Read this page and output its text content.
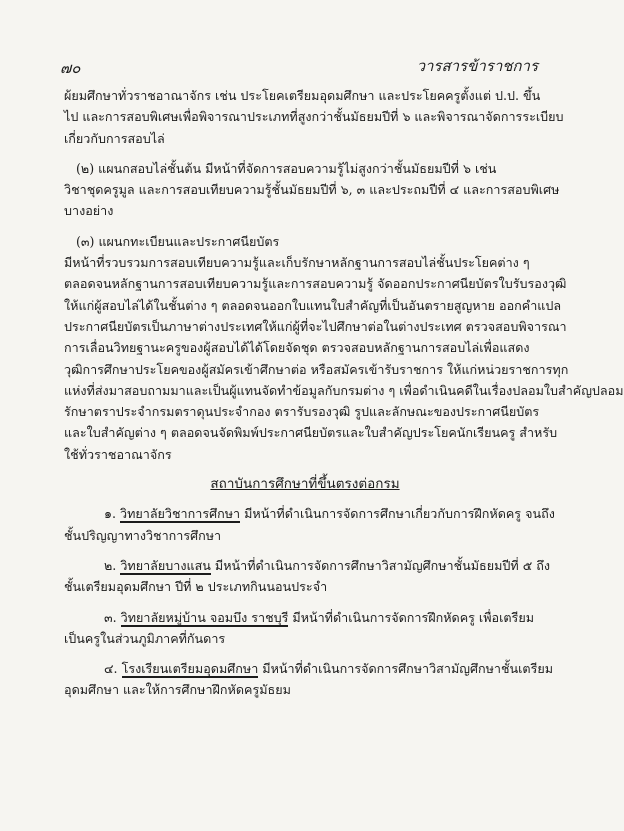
๗๐	วารสารข้าราชการ
ผ้ยมศึกษาทั่วราชอาณาจักร เช่น ประโยคเตรียมอุดมศึกษา และประโยคครูตั้งแต่ ป.ป. ขึ้น
ไป และการสอบพิเศษเพื่อพิจารณาประเภทที่สูงกว่าชั้นมัธยมปีที่ ๖ และพิจารณาจัดการระเบียบ
เกี่ยวกับการสอบไล่
(๒) แผนกสอบไล่ชั้นต้น มีหน้าที่จัดการสอบความรู้ไม่สูงกว่าชั้นมัธยมปีที่ ๖ เช่น
วิชาชุดครูมูล และการสอบเทียบความรู้ชั้นมัธยมปีที่ ๖, ๓ และประถมปีที่ ๔ และการสอบพิเศษ
บางอย่าง
(๓) แผนกทะเบียนและประกาศนียบัตร
มีหน้าที่รวบรวมการสอบเทียบความรู้และเก็บรักษาหลักฐานการสอบไล่ชั้นประโยคต่าง ๆ
ตลอดจนหลักฐานการสอบเทียบความรู้และการสอบความรู้ จัดออกประกาศนียบัตรใบรับรองวุฒิ
ให้แก่ผู้สอบไล่ได้ในชั้นต่าง ๆ ตลอดจนออกใบแทนใบสำคัญที่เป็นอันตรายสูญหาย ออกคำแปล
ประกาศนียบัตรเป็นภาษาต่างประเทศให้แก่ผู้ที่จะไปศึกษาต่อในต่างประเทศ ตรวจสอบพิจารณา
การเลื่อนวิทยฐานะครูของผู้สอบได้ได้โดยจัดชุด ตรวจสอบหลักฐานการสอบไล่เพื่อแสดง
วุฒิการศึกษาประโยคของผู้สมัครเข้าศึกษาต่อ หรือสมัครเข้ารับราชการ ให้แก่หน่วยราชการทุก
แห่งที่ส่งมาสอบถามมาและเป็นผู้แทนจัดทำข้อมูลกับกรมต่าง ๆ เพื่อดำเนินคดีในเรื่องปลอมใบสำคัญปลอม
รักษาตราประจำกรมตราดุนประจำกอง ตรารับรองวุฒิ รูปและลักษณะของประกาศนียบัตร
และใบสำคัญต่าง ๆ ตลอดจนจัดพิมพ์ประกาศนียบัตรและใบสำคัญประโยคนักเรียนครู สำหรับ
ใช้ทั่วราชอาณาจักร
สถาบันการศึกษาที่ขึ้นตรงต่อกรม
๑. วิทยาลัยวิชาการศึกษา มีหน้าที่ดำเนินการจัดการศึกษาเกี่ยวกับการฝึกหัดครู จนถึง
ชั้นปริญญาทางวิชาการศึกษา
๒. วิทยาลัยบางแสน มีหน้าที่ดำเนินการจัดการศึกษาวิสามัญศึกษาชั้นมัธยมปีที่ ๕ ถึง
ชั้นเตรียมอุดมศึกษา ปีที่ ๒ ประเภทกินนอนประจำ
๓. วิทยาลัยหมู่บ้าน จอมบึง ราชบุรี มีหน้าที่ดำเนินการจัดการฝึกหัดครู เพื่อเตรียม
เป็นครูในส่วนภูมิภาคที่กันดาร
๔. โรงเรียนเตรียมอุดมศึกษา มีหน้าที่ดำเนินการจัดการศึกษาวิสามัญศึกษาชั้นเตรียม
อุดมศึกษา และให้การศึกษาฝึกหัดครูมัธยม
